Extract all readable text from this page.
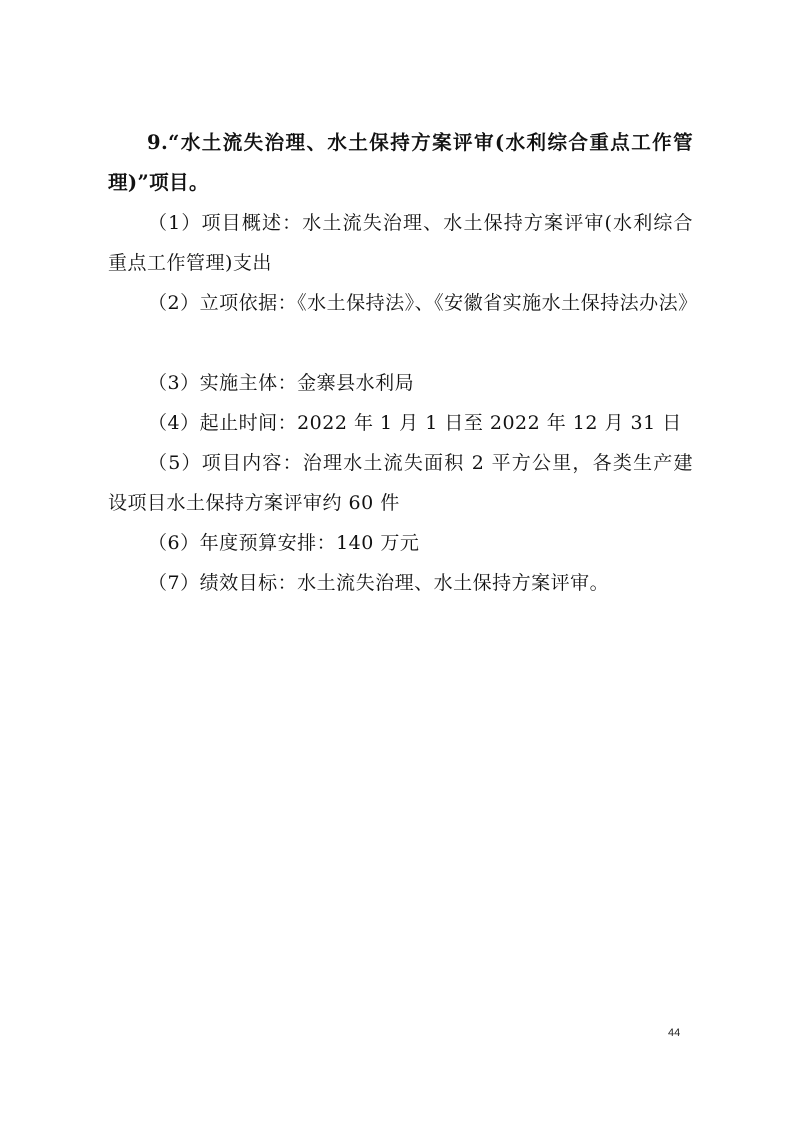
9.“水土流失治理、水土保持方案评审(水利综合重点工作管理)”项目。

（1）项目概述：水土流失治理、水土保持方案评审(水利综合重点工作管理)支出

（2）立项依据：《水土保持法》、《安徽省实施水土保持法办法》

（3）实施主体：金寨县水利局

（4）起止时间：2022 年 1 月 1 日至 2022 年 12 月 31 日

（5）项目内容：治理水土流失面积 2 平方公里，各类生产建设项目水土保持方案评审约 60 件

（6）年度预算安排：140 万元

（7）绩效目标：水土流失治理、水土保持方案评审。

44
